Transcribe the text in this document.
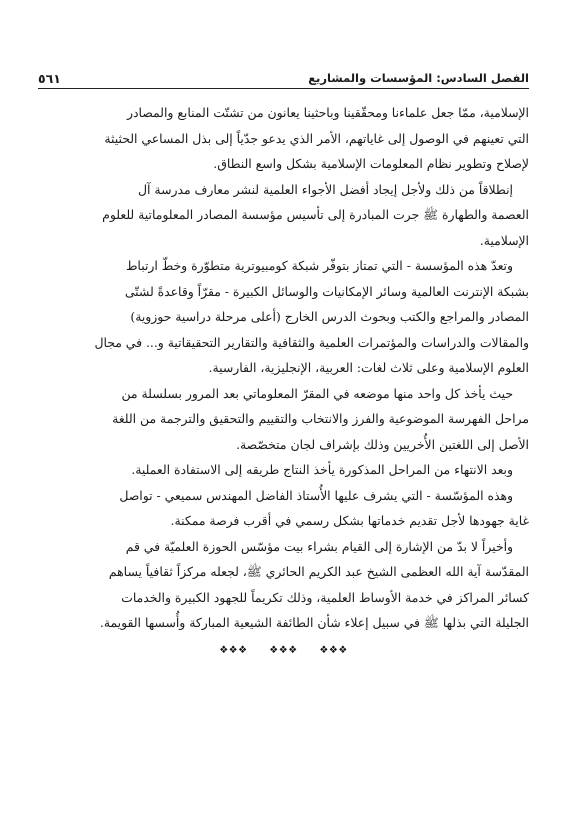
الفصل السادس: المؤسسات والمشاريع
٥٦١
الإسلامية، ممّا جعل علماءنا ومحقّقينا وباحثينا يعانون من تشتّت المنابع والمصادر
التي تعينهم في الوصول إلى غاياتهم، الأمر الذي يدعو جدّياً إلى بذل المساعي الحثيثة
لإصلاح وتطوير نظام المعلومات الإسلامية بشكل واسع النطاق.
إنطلاقاً من ذلك ولأجل إيجاد أفضل الأجواء العلمية لنشر معارف مدرسة آل
العصمة والطهارة ﷺ جرت المبادرة إلى تأسيس مؤسسة المصادر المعلوماتية للعلوم
الإسلامية.
وتعدّ هذه المؤسسة - التي تمتاز بتوفّر شبكة كومبيوترية متطوّرة وخطّ ارتباط
بشبكة الإنترنت العالمية وسائر الإمكانيات والوسائل الكبيرة - مقرّاً وقاعدةً لشتّى
المصادر والمراجع والكتب وبحوث الدرس الخارج (أعلى مرحلة دراسية حوزوية)
والمقالات والدراسات والمؤتمرات العلمية والثقافية والتقارير التحقيقاتية و... في مجال
العلوم الإسلامية وعلى ثلاث لغات: العربية، الإنجليزية، الفارسية.
حيث يأخذ كل واحد منها موضعه في المقرّ المعلوماتي بعد المرور بسلسلة من
مراحل الفهرسة الموضوعية والفرز والانتخاب والتقييم والتحقيق والترجمة من اللغة
الأصل إلى اللغتين الأُخريين وذلك بإشراف لجان متخصّصة.
وبعد الانتهاء من المراحل المذكورة يأخذ النتاج طريقه إلى الاستفادة العملية.
وهذه المؤسّسة - التي يشرف عليها الأُستاذ الفاضل المهندس سميعي - تواصل
غاية جهودها لأجل تقديم خدماتها بشكل رسمي في أقرب فرصة ممكنة.
وأخيراً لا بدّ من الإشارة إلى القيام بشراء بيت مؤسّس الحوزة العلميّة في قم
المقدّسة آية الله العظمى الشيخ عبد الكريم الحائري ﷺ، لجعله مركزاً ثقافياً يساهم
كسائر المراكز في خدمة الأوساط العلمية، وذلك تكريماً للجهود الكبيرة والخدمات
الجليلة التي بذلها ﷺ في سبيل إعلاء شأن الطائفة الشيعية المباركة وأُسسها القويمة.
❖❖❖ ❖❖❖ ❖❖❖
